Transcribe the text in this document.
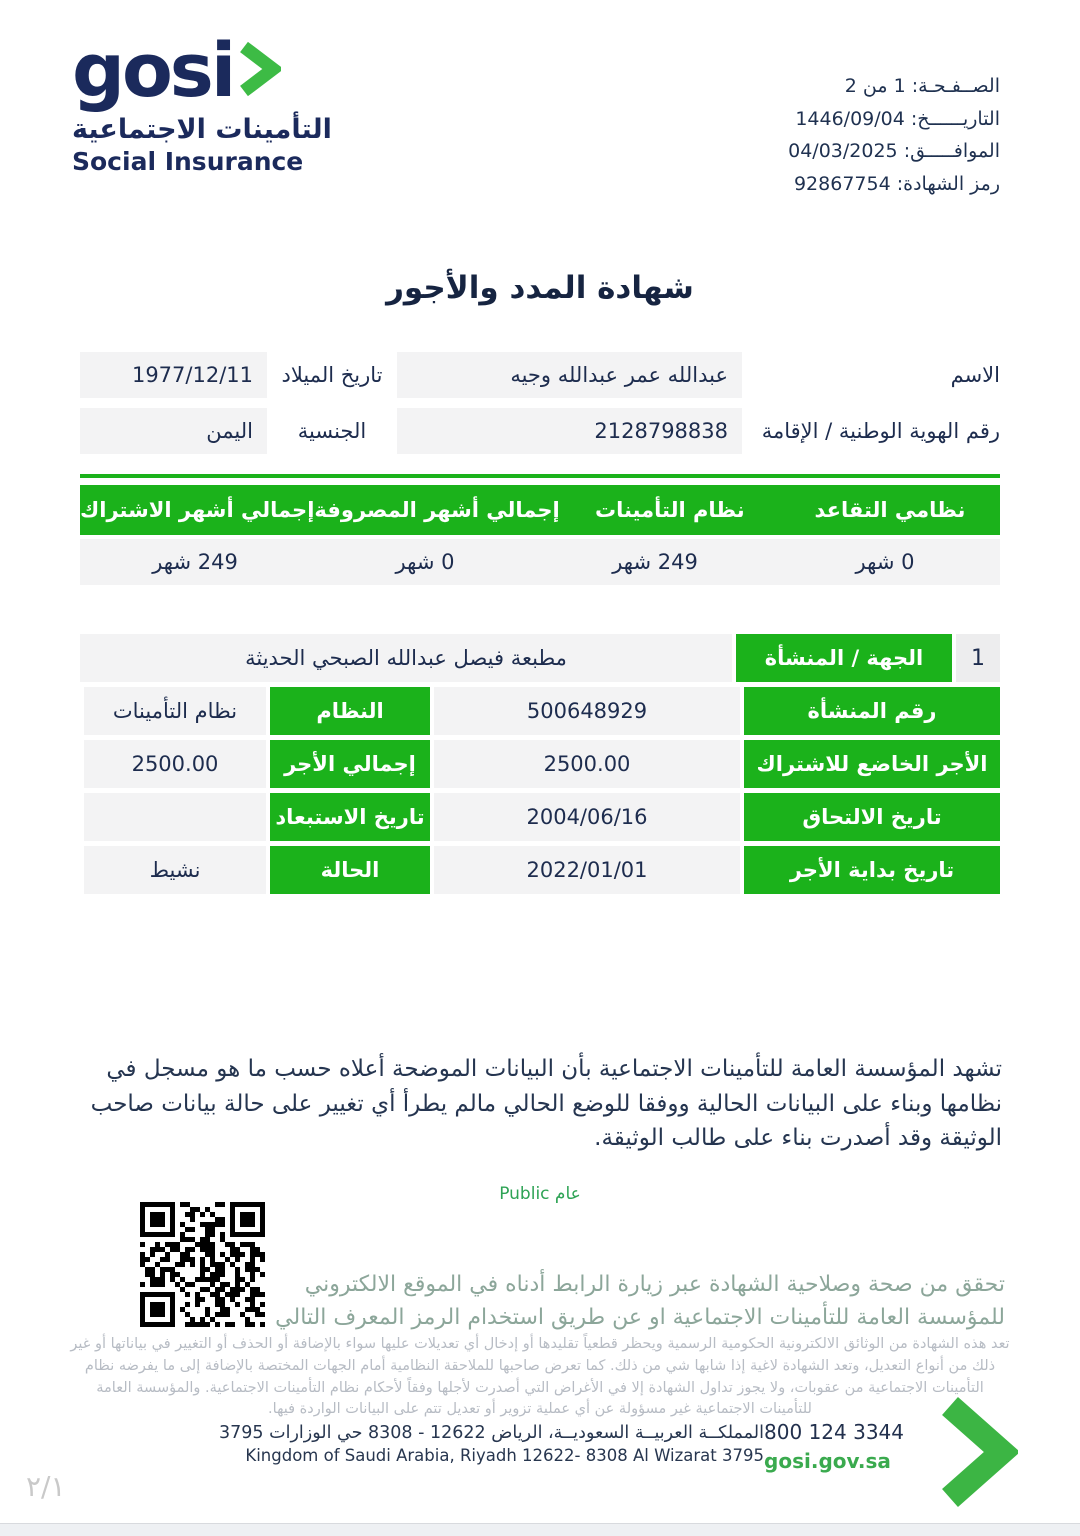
gosi
التأمينات الاجتماعية
Social Insurance
الصــفـحـة: 1 من 2
التاريــــــخ: 1446/09/04
الموافـــــق: 04/03/2025
رمز الشهادة: 92867754
شهادة المدد والأجور
الاسم
عبدالله عمر عبدالله وجيه
تاريخ الميلاد
1977/12/11
رقم الهوية الوطنية / الإقامة
2128798838
الجنسية
اليمن
نظامي التقاعد
نظام التأمينات
إجمالي أشهر المصروفة
إجمالي أشهر الاشتراك
0 شهر
249 شهر
0 شهر
249 شهر
1
الجهة / المنشأة
مطبعة فيصل عبدالله الصبحي الحديثة
رقم المنشأة
500648929
النظام
نظام التأمينات
الأجر الخاضع للاشتراك
2500.00
إجمالي الأجر
2500.00
تاريخ الالتحاق
2004/06/16
تاريخ الاستبعاد
تاريخ بداية الأجر
2022/01/01
الحالة
نشيط
تشهد المؤسسة العامة للتأمينات الاجتماعية بأن البيانات الموضحة أعلاه حسب ما هو مسجل في نظامها وبناء على البيانات الحالية ووفقا للوضع الحالي مالم يطرأ أي تغيير على حالة بيانات صاحب الوثيقة وقد أصدرت بناء على طالب الوثيقة.
عام Public
تحقق من صحة وصلاحية الشهادة عبر زيارة الرابط أدناه في الموقع الالكتروني للمؤسسة العامة للتأمينات الاجتماعية او عن طريق استخدام الرمز المعرف التالي
تعد هذه الشهادة من الوثائق الالكترونية الحكومية الرسمية ويحظر قطعياً تقليدها أو إدخال أي تعديلات عليها سواء بالإضافة أو الحذف أو التغيير في بياناتها أو غير ذلك من أنواع التعديل، وتعد الشهادة لاغية إذا شابها شي من ذلك. كما تعرض صاحبها للملاحقة النظامية أمام الجهات المختصة بالإضافة إلى ما يفرضه نظام التأمينات الاجتماعية من عقوبات، ولا يجوز تداول الشهادة إلا في الأغراض التي أصدرت لأجلها وفقاً لأحكام نظام التأمينات الاجتماعية. والمؤسسة العامة للتأمينات الاجتماعية غير مسؤولة عن أي عملية تزوير أو تعديل تتم على البيانات الواردة فيها.
800 124 3344
gosi.gov.sa
المملكــة العربيــة السعوديــة، الرياض 12622 - 8308 حي الوزارات 3795
Kingdom of Saudi Arabia, Riyadh 12622- 8308 Al Wizarat 3795
٢/١
